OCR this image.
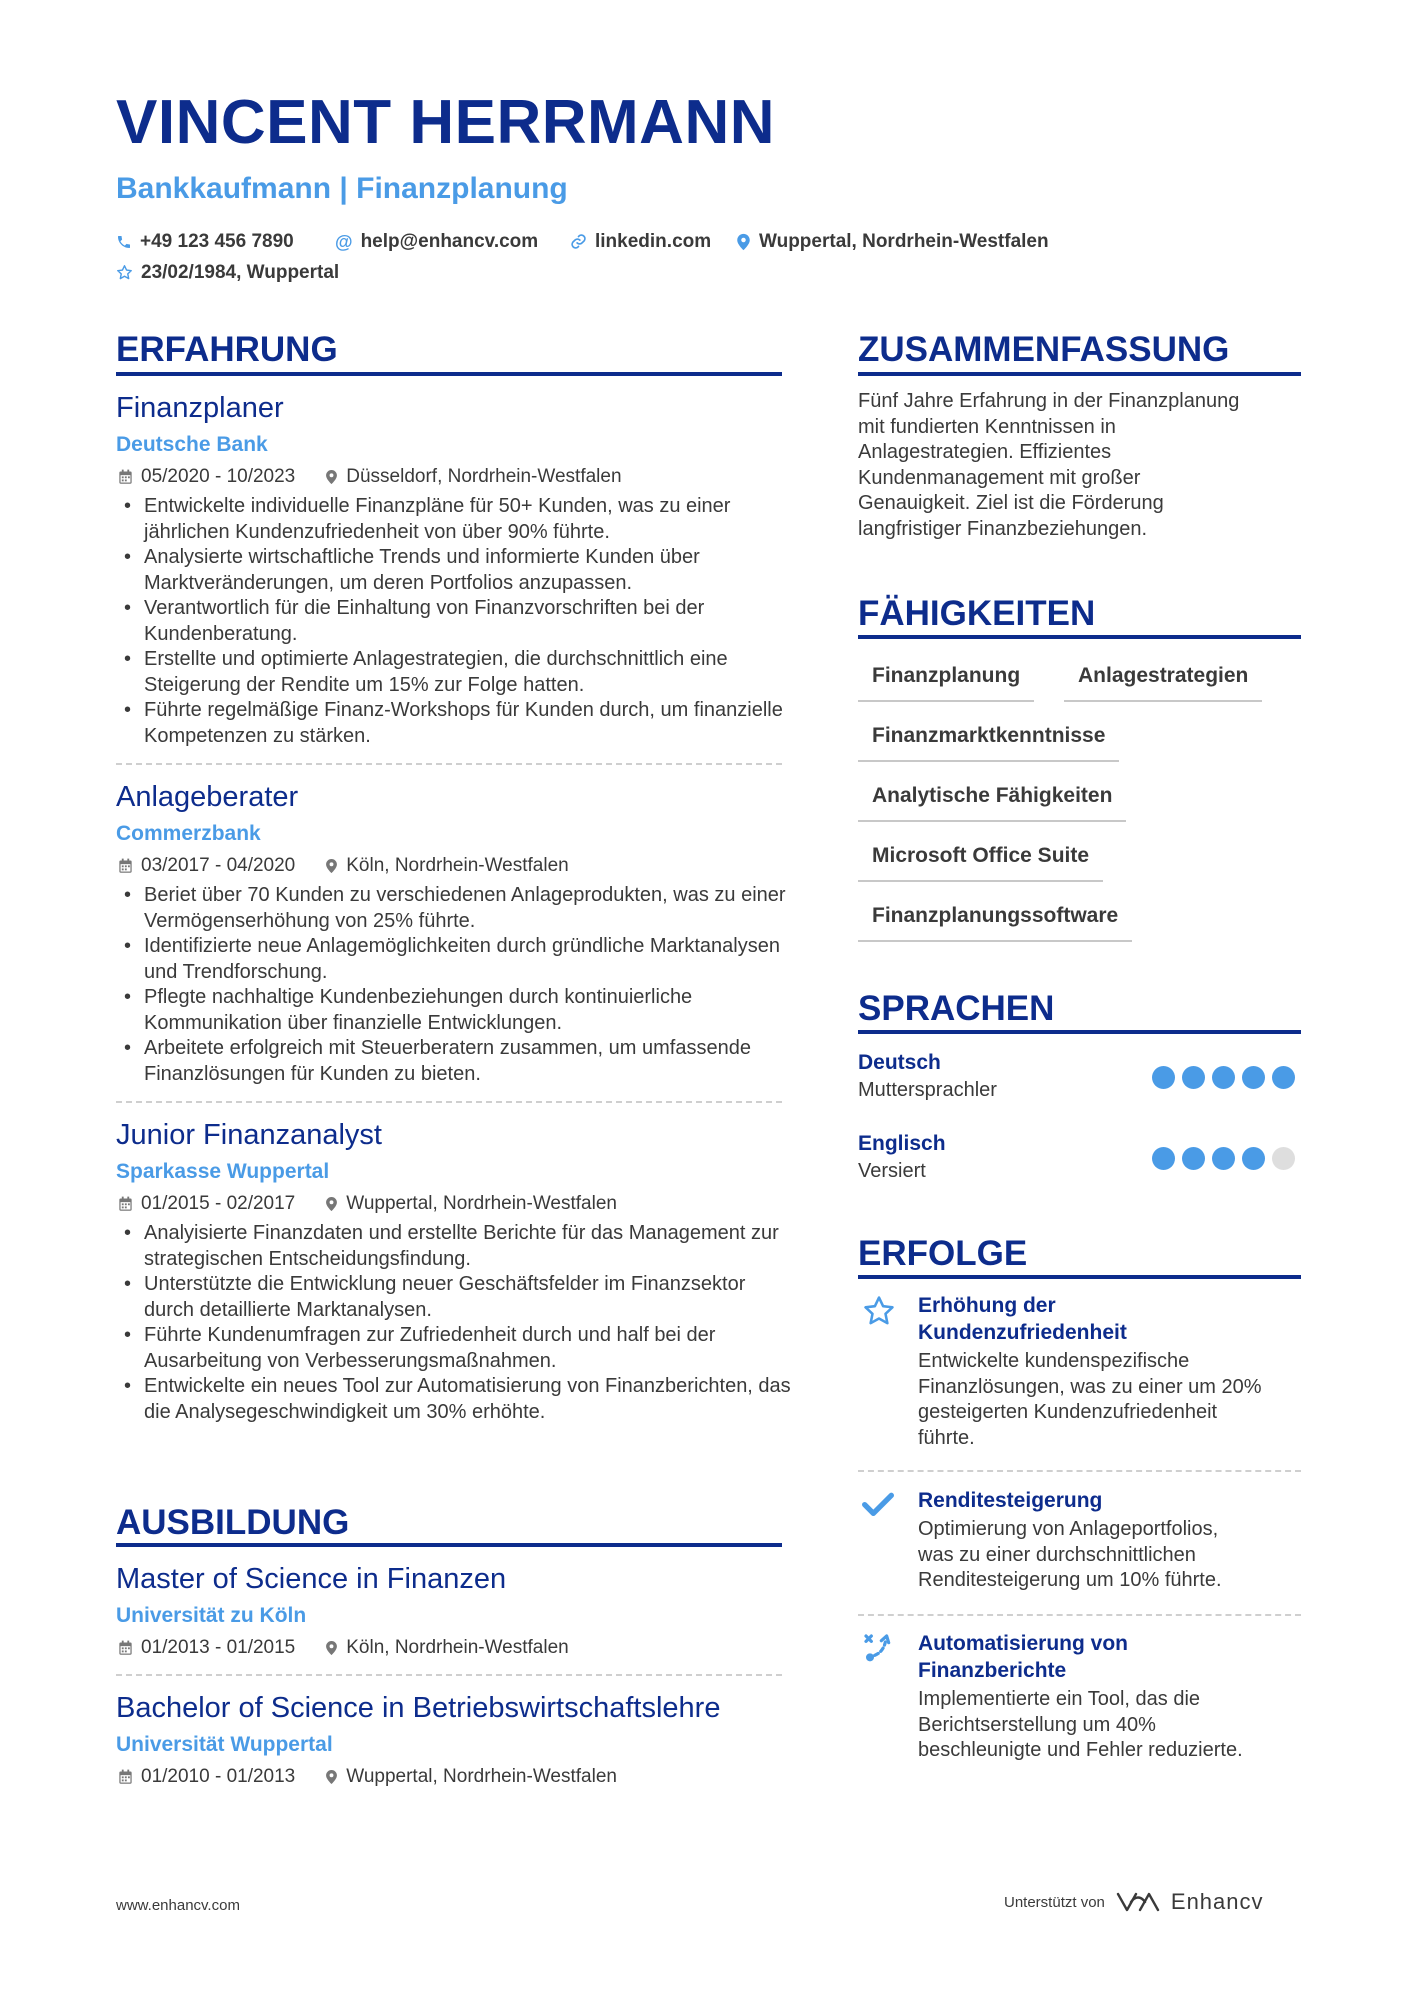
VINCENT HERRMANN
Bankkaufmann | Finanzplanung
+49 123 456 7890 @ help@enhancv.com	linkedin.com	Wuppertal, Nordrhein-Westfalen
23/02/1984, Wuppertal
ERFAHRUNG
Finanzplaner
Deutsche Bank
05/2020 - 10/2023	Düsseldorf, Nordrhein-Westfalen
• Entwickelte individuelle Finanzpläne für 50+ Kunden, was zu einer jährlichen Kundenzufriedenheit von über 90% führte.
• Analysierte wirtschaftliche Trends und informierte Kunden über Marktveränderungen, um deren Portfolios anzupassen.
• Verantwortlich für die Einhaltung von Finanzvorschriften bei der Kundenberatung.
• Erstellte und optimierte Anlagestrategien, die durchschnittlich eine Steigerung der Rendite um 15% zur Folge hatten.
• Führte regelmäßige Finanz-Workshops für Kunden durch, um finanzielle Kompetenzen zu stärken.
Anlageberater
Commerzbank
03/2017 - 04/2020	Köln, Nordrhein-Westfalen
• Beriet über 70 Kunden zu verschiedenen Anlageprodukten, was zu einer Vermögenserhöhung von 25% führte.
• Identifizierte neue Anlagemöglichkeiten durch gründliche Marktanalysen und Trendforschung.
• Pflegte nachhaltige Kundenbeziehungen durch kontinuierliche Kommunikation über finanzielle Entwicklungen.
• Arbeitete erfolgreich mit Steuerberatern zusammen, um umfassende Finanzlösungen für Kunden zu bieten.
Junior Finanzanalyst
Sparkasse Wuppertal
01/2015 - 02/2017	Wuppertal, Nordrhein-Westfalen
• Analyisierte Finanzdaten und erstellte Berichte für das Management zur strategischen Entscheidungsfindung.
• Unterstützte die Entwicklung neuer Geschäftsfelder im Finanzsektor durch detaillierte Marktanalysen.
• Führte Kundenumfragen zur Zufriedenheit durch und half bei der Ausarbeitung von Verbesserungsmaßnahmen.
• Entwickelte ein neues Tool zur Automatisierung von Finanzberichten, das die Analysegeschwindigkeit um 30% erhöhte.
AUSBILDUNG
Master of Science in Finanzen
Universität zu Köln
01/2013 - 01/2015	Köln, Nordrhein-Westfalen
Bachelor of Science in Betriebswirtschaftslehre
Universität Wuppertal
01/2010 - 01/2013	Wuppertal, Nordrhein-Westfalen
ZUSAMMENFASSUNG
Fünf Jahre Erfahrung in der Finanzplanung
mit fundierten Kenntnissen in
Anlagestrategien. Effizientes
Kundenmanagement mit großer
Genauigkeit. Ziel ist die Förderung
langfristiger Finanzbeziehungen.
FÄHIGKEITEN
Finanzplanung	Anlagestrategien
Finanzmarktkenntnisse
Analytische Fähigkeiten
Microsoft Office Suite
Finanzplanungssoftware
SPRACHEN
Deutsch
Muttersprachler
Englisch
Versiert
ERFOLGE
Erhöhung der
Kundenzufriedenheit
Entwickelte kundenspezifische
Finanzlösungen, was zu einer um 20%
gesteigerten Kundenzufriedenheit
führte.
Renditesteigerung
Optimierung von Anlageportfolios,
was zu einer durchschnittlichen
Renditesteigerung um 10% führte.
Automatisierung von
Finanzberichte
Implementierte ein Tool, das die
Berichtserstellung um 40%
beschleunigte und Fehler reduzierte.
www.enhancv.com	Unterstützt von	Enhancv
